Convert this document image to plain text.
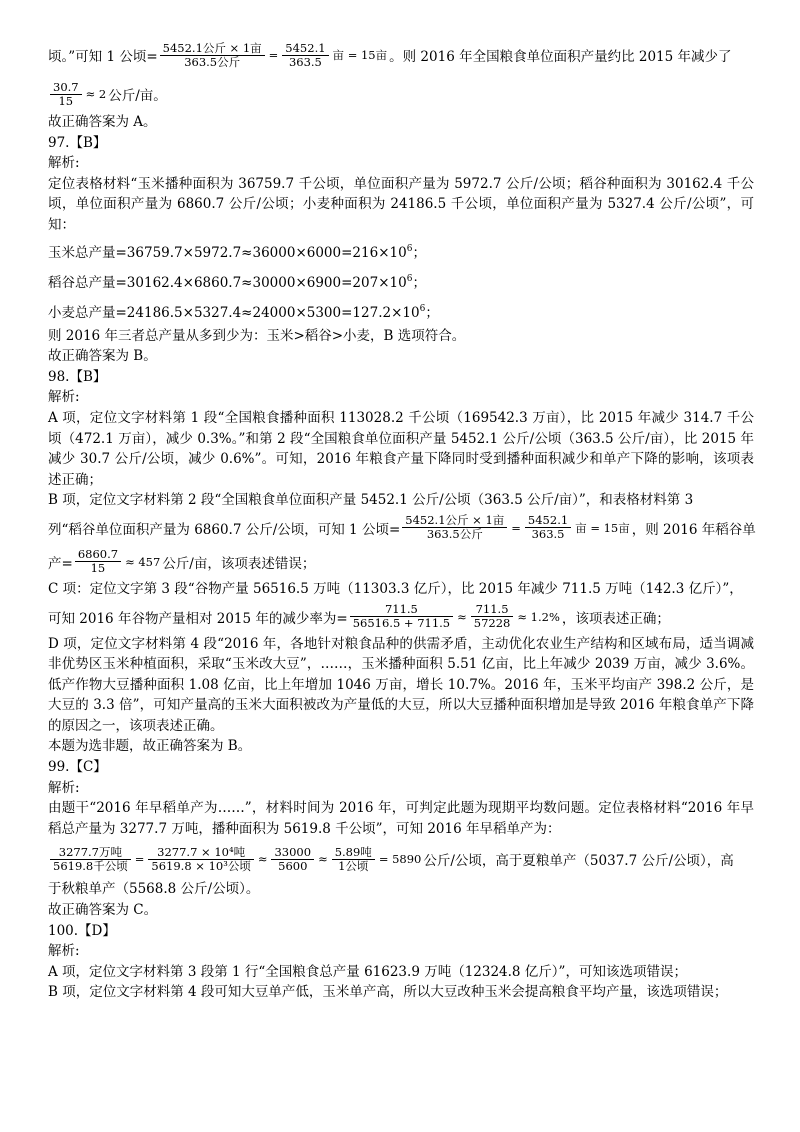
顷。”可知 1 公顷= $\frac{\text{5452.1公斤 × 1亩}}{\text{363.5公斤}} = \frac{5452.1}{363.5}$ 亩 = 15亩 。则 2016 年全国粮食单位面积产量约比 2015 年减少了
$\frac{30.7}{15} \approx 2$ 公斤/亩。
故正确答案为 A。
97.【B】
解析:
定位表格材料“玉米播种面积为 36759.7 千公顷，单位面积产量为 5972.7 公斤/公顷；稻谷种面积为 30162.4 千公顷，单位面积产量为 6860.7 公斤/公顷；小麦种面积为 24186.5 千公顷，单位面积产量为 5327.4 公斤/公顷”，可知：
玉米总产量$=36759.7\times 5972.7\approx 36000\times 6000=216\times 10^6$；
稻谷总产量$=30162.4\times 6860.7\approx 30000\times 6900=207\times 10^6$；
小麦总产量$=24186.5\times 5327.4\approx 24000\times 5300=127.2\times 10^6$；
则 2016 年三者总产量从多到少为：玉米>稻谷>小麦，B 选项符合。
故正确答案为 B。
98.【B】
解析:
A 项，定位文字材料第 1 段“全国粮食播种面积 113028.2 千公顷（169542.3 万亩），比 2015 年减少 314.7 千公顷（472.1 万亩），减少 0.3%。”和第 2 段“全国粮食单位面积产量 5452.1 公斤/公顷（363.5 公斤/亩），比 2015 年减少 30.7 公斤/公顷，减少 0.6%”。可知，2016 年粮食产量下降同时受到播种面积减少和单产下降的影响，该项表述正确；
B 项，定位文字材料第 2 段“全国粮食单位面积产量 5452.1 公斤/公顷（363.5 公斤/亩）”，和表格材料第 3
列“稻谷单位面积产量为 6860.7 公斤/公顷，可知 1 公顷= $\frac{\text{5452.1公斤 × 1亩}}{\text{363.5公斤}} = \frac{5452.1}{363.5}$ 亩 = 15亩 ，则 2016 年稻谷单
产= $\frac{6860.7}{15} \approx 457$ 公斤/亩，该项表述错误；
C 项：定位文字第 3 段“谷物产量 56516.5 万吨（11303.3 亿斤），比 2015 年减少 711.5 万吨（142.3 亿斤）”，
可知 2016 年谷物产量相对 2015 年的减少率为= $\frac{711.5}{56516.5 + 711.5} \approx \frac{711.5}{57228} \approx 1.2\%$ ，该项表述正确；
D 项，定位文字材料第 4 段“2016 年，各地针对粮食品种的供需矛盾，主动优化农业生产结构和区域布局，适当调减非优势区玉米种植面积，采取“玉米改大豆”，……，玉米播种面积 5.51 亿亩，比上年减少 2039 万亩，减少 3.6%。低产作物大豆播种面积 1.08 亿亩，比上年增加 1046 万亩，增长 10.7%。2016 年，玉米平均亩产 398.2 公斤，是大豆的 3.3 倍”，可知产量高的玉米大面积被改为产量低的大豆，所以大豆播种面积增加是导致 2016 年粮食单产下降的原因之一，该项表述正确。
本题为选非题，故正确答案为 B。
99.【C】
解析:
由题干“2016 年早稻单产为……”，材料时间为 2016 年，可判定此题为现期平均数问题。定位表格材料“2016 年早稻总产量为 3277.7 万吨，播种面积为 5619.8 千公顷”，可知 2016 年早稻单产为：
$\frac{\text{3277.7万吨}}{\text{5619.8千公顷}} = \frac{\text{3277.7 × 10⁴吨}}{\text{5619.8 × 10³公顷}} \approx \frac{33000}{5600} \approx \frac{\text{5.89吨}}{\text{1公顷}} = 5890$ 公斤/公顷，高于夏粮单产（5037.7 公斤/公顷），高
于秋粮单产（5568.8 公斤/公顷）。
故正确答案为 C。
100.【D】
解析:
A 项，定位文字材料第 3 段第 1 行“全国粮食总产量 61623.9 万吨（12324.8 亿斤）”，可知该选项错误；
B 项，定位文字材料第 4 段可知大豆单产低，玉米单产高，所以大豆改种玉米会提高粮食平均产量，该选项错误；
